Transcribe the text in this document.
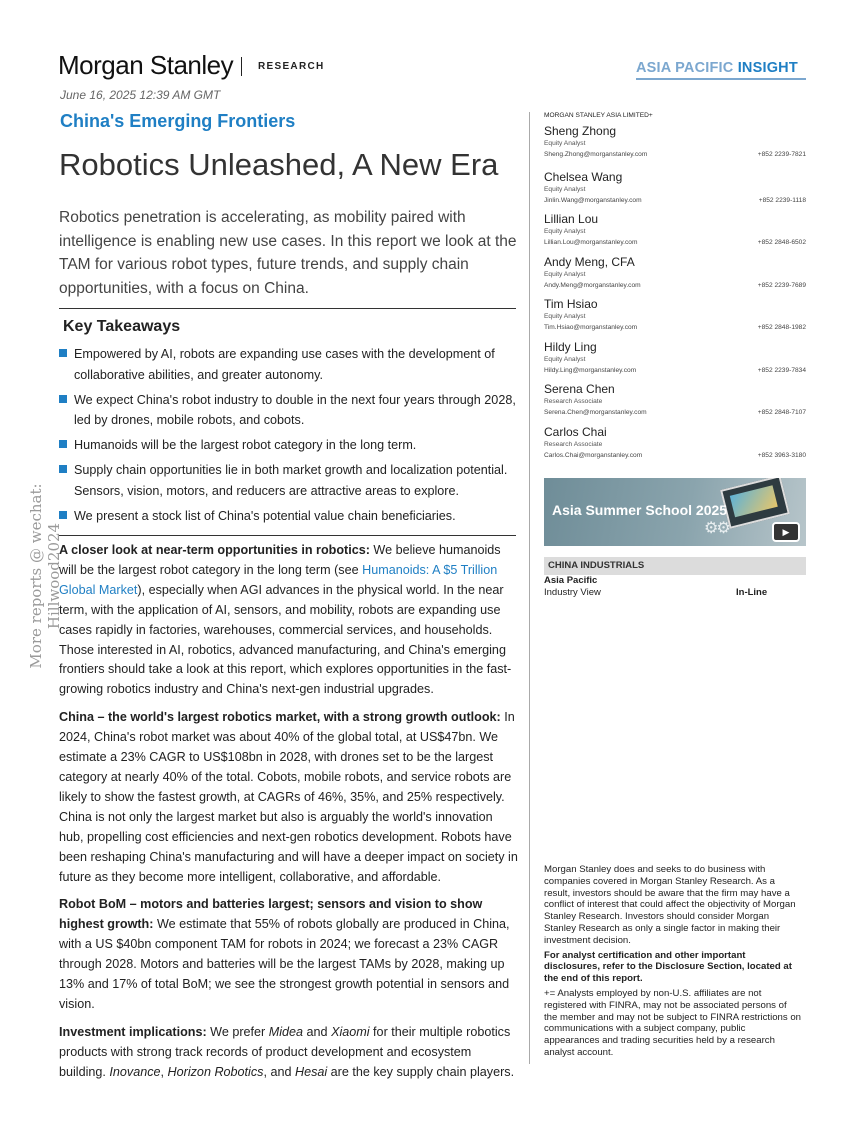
Morgan Stanley RESEARCH	ASIA PACIFIC INSIGHT
June 16, 2025 12:39 AM GMT
China's Emerging Frontiers
Robotics Unleashed, A New Era
Robotics penetration is accelerating, as mobility paired with intelligence is enabling new use cases. In this report we look at the TAM for various robot types, future trends, and supply chain opportunities, with a focus on China.
Key Takeaways
Empowered by AI, robots are expanding use cases with the development of collaborative abilities, and greater autonomy.
We expect China's robot industry to double in the next four years through 2028, led by drones, mobile robots, and cobots.
Humanoids will be the largest robot category in the long term.
Supply chain opportunities lie in both market growth and localization potential. Sensors, vision, motors, and reducers are attractive areas to explore.
We present a stock list of China's potential value chain beneficiaries.

A closer look at near-term opportunities in robotics: We believe humanoids will be the largest robot category in the long term (see Humanoids: A $5 Trillion Global Market), especially when AGI advances in the physical world. In the near term, with the application of AI, sensors, and mobility, robots are expanding use cases rapidly in factories, warehouses, commercial services, and households. Those interested in AI, robotics, advanced manufacturing, and China's emerging frontiers should take a look at this report, which explores opportunities in the fast-growing robotics industry and China's next-gen industrial upgrades.

China – the world's largest robotics market, with a strong growth outlook: In 2024, China's robot market was about 40% of the global total, at US$47bn. We estimate a 23% CAGR to US$108bn in 2028, with drones set to be the largest category at nearly 40% of the total. Cobots, mobile robots, and service robots are likely to show the fastest growth, at CAGRs of 46%, 35%, and 25% respectively. China is not only the largest market but also is arguably the world's innovation hub, propelling cost efficiencies and next-gen robotics development. Robots have been reshaping China's manufacturing and will have a deeper impact on society in future as they become more intelligent, collaborative, and affordable.

Robot BoM – motors and batteries largest; sensors and vision to show highest growth: We estimate that 55% of robots globally are produced in China, with a US $40bn component TAM for robots in 2024; we forecast a 23% CAGR through 2028. Motors and batteries will be the largest TAMs by 2028, making up 13% and 17% of total BoM; we see the strongest growth potential in sensors and vision.

Investment implications: We prefer Midea and Xiaomi for their multiple robotics products with strong track records of product development and ecosystem building. Inovance, Horizon Robotics, and Hesai are the key supply chain players.

MORGAN STANLEY ASIA LIMITED+
Sheng Zhong
Equity Analyst
Sheng.Zhong@morganstanley.com	+852 2239-7821
Chelsea Wang
Equity Analyst
Jinlin.Wang@morganstanley.com	+852 2239-1118
Lillian Lou
Equity Analyst
Lillian.Lou@morganstanley.com	+852 2848-6502
Andy Meng, CFA
Equity Analyst
Andy.Meng@morganstanley.com	+852 2239-7689
Tim Hsiao
Equity Analyst
Tim.Hsiao@morganstanley.com	+852 2848-1982
Hildy Ling
Equity Analyst
Hildy.Ling@morganstanley.com	+852 2239-7834
Serena Chen
Research Associate
Serena.Chen@morganstanley.com	+852 2848-7107
Carlos Chai
Research Associate
Carlos.Chai@morganstanley.com	+852 3963-3180
⚙⚙
Asia Summer School 2025
▶
CHINA INDUSTRIALS
Asia Pacific
Industry View	In-Line

Morgan Stanley does and seeks to do business with companies covered in Morgan Stanley Research. As a result, investors should be aware that the firm may have a conflict of interest that could affect the objectivity of Morgan Stanley Research. Investors should consider Morgan Stanley Research as only a single factor in making their investment decision.

For analyst certification and other important disclosures, refer to the Disclosure Section, located at the end of this report.

+= Analysts employed by non-U.S. affiliates are not registered with FINRA, may not be associated persons of the member and may not be subject to FINRA restrictions on communications with a subject company, public appearances and trading securities held by a research analyst account.

More reports @ wechat: Hillwood2024
